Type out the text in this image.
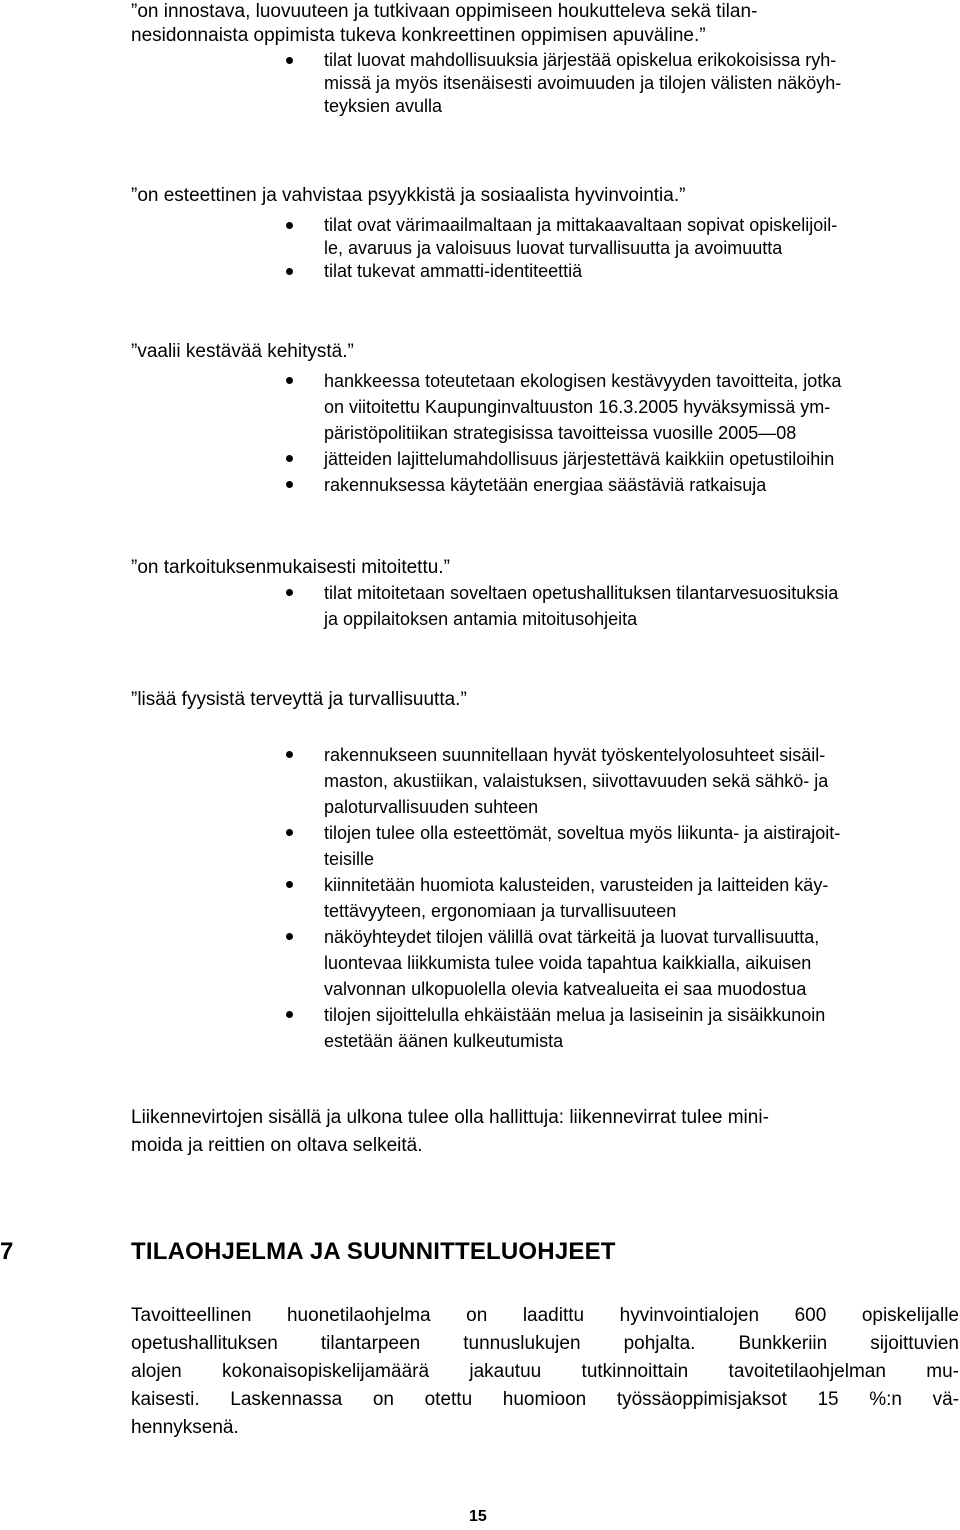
”on innostava, luovuuteen ja tutkivaan oppimiseen houkutteleva sekä tilan-
nesidonnaista oppimista tukeva konkreettinen oppimisen apuväline.”
tilat luovat mahdollisuuksia järjestää opiskelua erikokoisissa ryh-
missä ja myös itsenäisesti avoimuuden ja tilojen välisten näköyh-
teyksien avulla
”on esteettinen ja vahvistaa psyykkistä ja sosiaalista hyvinvointia.”
tilat ovat värimaailmaltaan ja mittakaavaltaan sopivat opiskelijoil-
le, avaruus ja valoisuus luovat turvallisuutta ja avoimuutta
tilat tukevat ammatti-identiteettiä
”vaalii kestävää kehitystä.”
hankkeessa toteutetaan ekologisen kestävyyden tavoitteita, jotka
on viitoitettu Kaupunginvaltuuston 16.3.2005 hyväksymissä ym-
päristöpolitiikan strategisissa tavoitteissa vuosille 2005—08
jätteiden lajittelumahdollisuus järjestettävä kaikkiin opetustiloihin
rakennuksessa käytetään energiaa säästäviä ratkaisuja
”on tarkoituksenmukaisesti mitoitettu.”
tilat mitoitetaan soveltaen opetushallituksen tilantarvesuosituksia
ja oppilaitoksen antamia mitoitusohjeita
”lisää fyysistä terveyttä ja turvallisuutta.”
rakennukseen suunnitellaan hyvät työskentelyolosuhteet sisäil-
maston, akustiikan, valaistuksen, siivottavuuden sekä sähkö- ja
paloturvallisuuden suhteen
tilojen tulee olla esteettömät, soveltua myös liikunta- ja aistirajoit-
teisille
kiinnitetään huomiota kalusteiden, varusteiden ja laitteiden käy-
tettävyyteen, ergonomiaan ja turvallisuuteen
näköyhteydet tilojen välillä ovat tärkeitä ja luovat turvallisuutta,
luontevaa liikkumista tulee voida tapahtua kaikkialla, aikuisen
valvonnan ulkopuolella olevia katvealueita ei saa muodostua
tilojen sijoittelulla ehkäistään melua ja lasiseinin ja sisäikkunoin
estetään äänen kulkeutumista
Liikennevirtojen sisällä ja ulkona tulee olla hallittuja: liikennevirrat tulee mini-
moida ja reittien on oltava selkeitä.
7	TILAOHJELMA JA SUUNNITTELUOHJEET
Tavoitteellinen huonetilaohjelma on laadittu hyvinvointialojen 600 opiskelijalle
opetushallituksen tilantarpeen tunnuslukujen pohjalta. Bunkkeriin sijoittuvien
alojen kokonaisopiskelijamäärä jakautuu tutkinnoittain tavoitetilaohjelman mu-
kaisesti. Laskennassa on otettu huomioon työssäoppimisjaksot 15 %:n vä-
hennyksenä.
15
